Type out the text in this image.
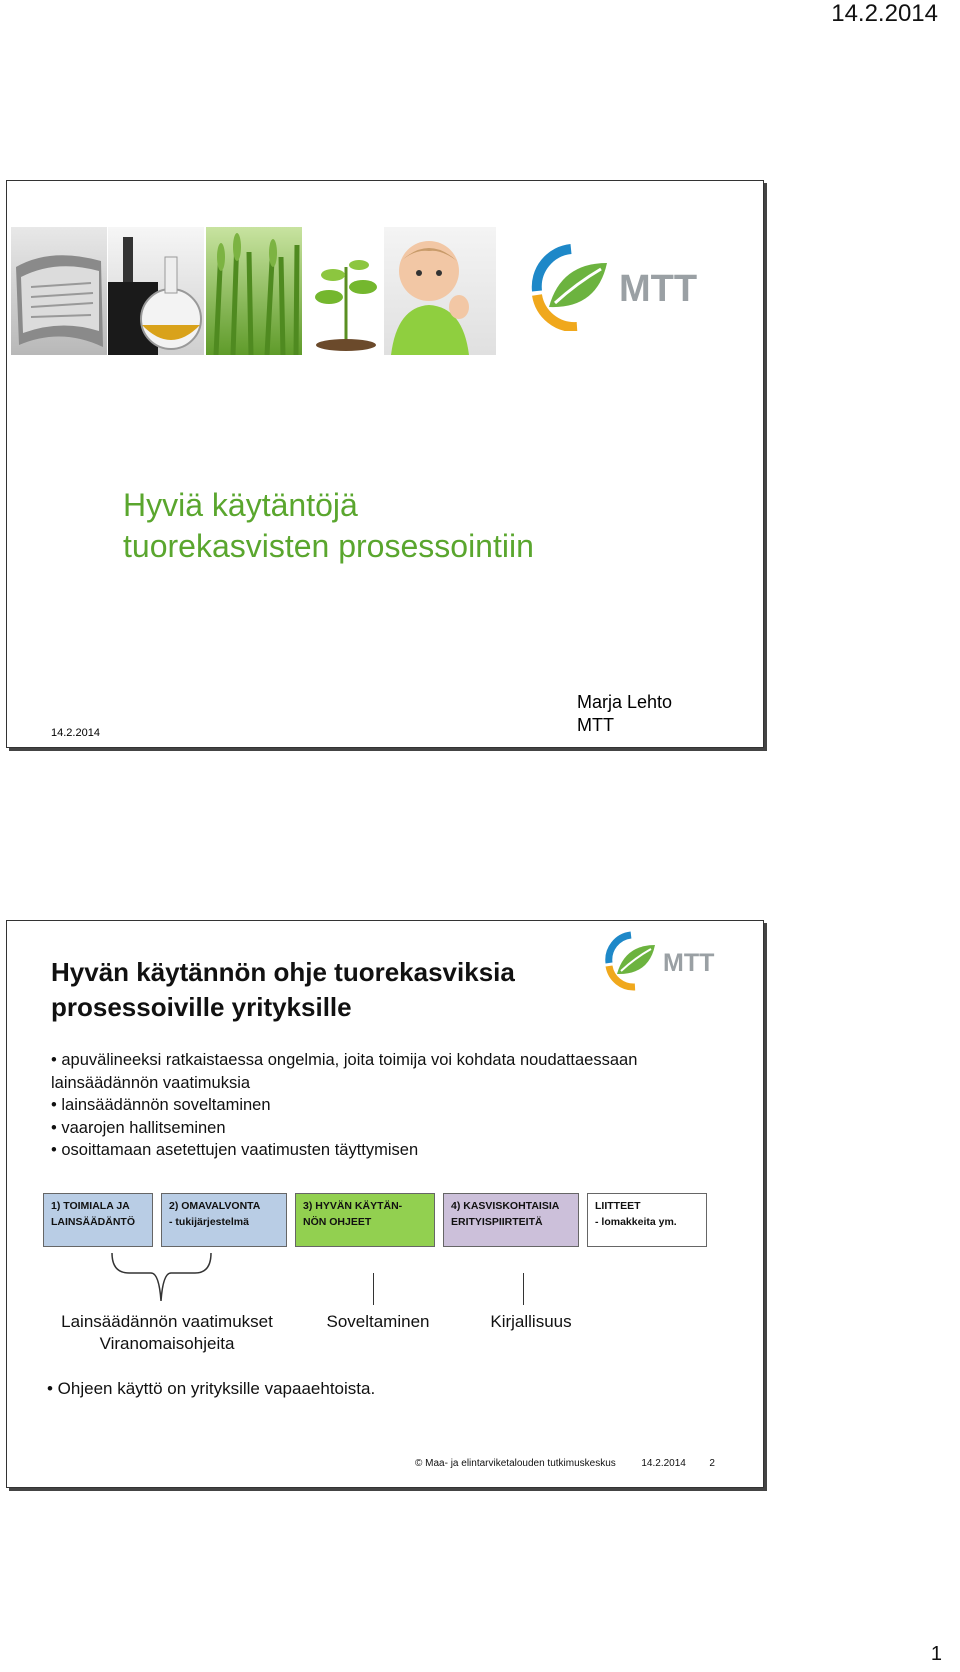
14.2.2014
MTT
Hyviä käytäntöjä
tuorekasvisten prosessointiin
14.2.2014
Marja Lehto
MTT
MTT
Hyvän käytännön ohje tuorekasviksia
prosessoiville yrityksille
• apuvälineeksi ratkaistaessa ongelmia, joita toimija voi kohdata noudattaessaan
lainsäädännön vaatimuksia
• lainsäädännön soveltaminen
• vaarojen hallitseminen
• osoittamaan asetettujen vaatimusten täyttymisen
1) TOIMIALA JA
LAINSÄÄDÄNTÖ
2) OMAVALVONTA
- tukijärjestelmä
3) HYVÄN KÄYTÄN-
NÖN OHJEET
4) KASVISKOHTAISIA
ERITYISPIIRTEITÄ
LIITTEET
- lomakkeita ym.
Lainsäädännön vaatimukset
Viranomaisohjeita
Soveltaminen	Kirjallisuus
• Ohjeen käyttö on yrityksille vapaaehtoista.
© Maa- ja elintarviketalouden tutkimuskeskus	14.2.2014 2
1
